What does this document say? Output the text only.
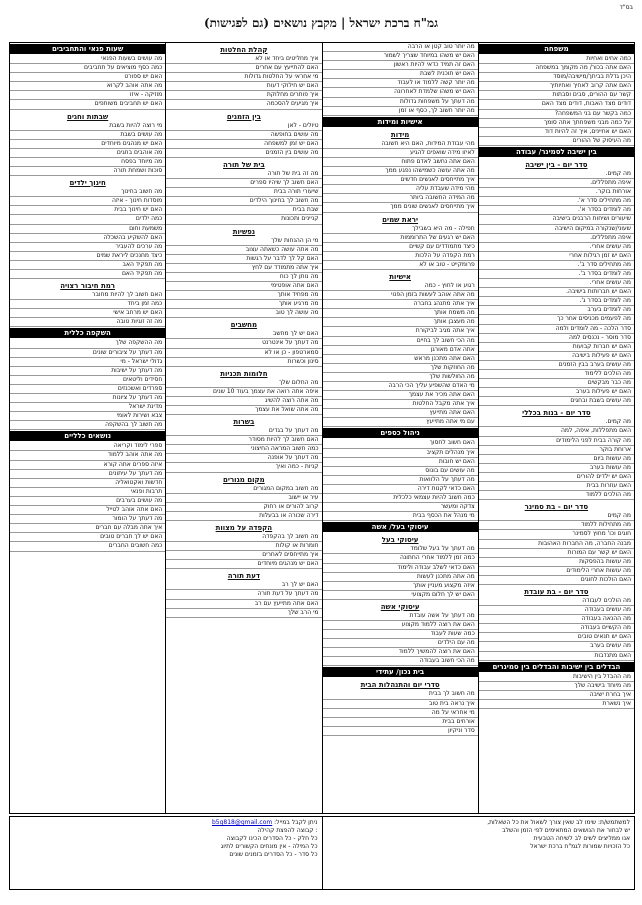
בס"ד
גמ"ח ברכת ישראל | מקבץ נושאים (גם לפגישות)
משפחה
כמה אחים ואחיות
האם אתה בכור/ מה מקומך במשפחה
היכן גדלת בביתך/מישיבה/מוסד
האם אתה קרוב לאחיך ואחיותיך
קשר עם ההורים, סבים וסבתות
דודים מצד האבות, דודים מצד האם
כמה בקשר עם בני המשפחה?
על כמה מבני משפחתך אתה סומך
האם יש אחיינים, איך זה להיות דוד
מה העיסוק של ההורים
בין ישיבה לסמינר/ עבודה
סדר יום - בין ישיבה
מה קמים.
איפה מתפללים.
אורחות בוקר.
מה מתחילים סדר א'.
מה לומדים בסדר א'.
שיעורים ושיחות הרבנים בישיבה
שעוני/שנקורה במיקום הישיבה
איפה מתפללים.
מה עושים אחרי.
האם יש זמן רגילות אחרי
מה מתחילים סדר ב'.
מה לומדים בסדר ב'.
מה עושים אחרי.
האם יש חברותות בישיבה.
מה לומדים בסדר ג'.
מה לומדים בערב
מה לפעמים מכניסים אחר כך
סדר הלכה - מה לומדים ולמה
סדר מוסר - נכנסים למה
האם יש חברות קבועות
האם יש פעילות בישיבה
מה עושים בערב בבין הזמנים
מה הולכים ללימוד
מה כבר מבקשים
האם יש פעילות בערב
מה עושים בשבת ובחגים
סדר יום - בנות בכללי
מה קמים.
האם מתפללות, איפה, למה
מה קורה בבית לפני הלימודים
ארוחת בוקר
מה עושות ביום
מה עושות בערב
האם יש ילדים להורים
האם עוזרות בבית
מה הולכים ללמוד
סדר יום - בת סמינר
מה קמים
מה מתחילות ללמוד
חוגים וכו' מחוץ לסמינר
מבנה החברה, מה החברות האהובות
האם יש קשר עם המורות
מה עושות בהפסקות
מה עושות אחרי הלימודים
האם הולכות לחוגים
סדר יום - בת עובדת
מה הולכים לעבודה
מה עושים בעבודה
מה ההנאה בעבודה
מה הקשיים בעבודה
האם יש תנאים טובים
מה עושים בערב
האם מתנדבות
הבדלים בין ישיבות והבדלים בין סמינרים
מה ההבדל בין הישיבות
מה מיוחד בישיבה שלך
איך בחרת ישיבה
איך נשארת
מה יותר טוב קטן או הרבה
האם יש משהו במיוחד שצריך לשמור
האם זה תמיד כדאי להיות ראשון
האם יש תוכנית לשבת
מה יותר קשה ללמוד או לעבוד
האם יש משהו שלמדת לאחרונה
מה דעתך על משפחות גדולות
מה יותר חשוב לך, כסף או זמן
אישיות ומידות
מידות
מהי עבודת המידות, האם היא חשובה
לאיזו מידה שואפים להגיע
האם אתה נחשב לאדם פתוח
מה אתה עושה כשמישהו נפגע ממך
איך מתייחסים לאנשים חדשים
מהי מידה שעבדת עליה
מה המידה החשובה ביותר
איך מתייחסים לאנשים שונים ממך
יראת שמים
תפילה - מה היא בשבילך
האם יש רגעים של התרוממות
כיצד מתמודדים עם קשיים
רמת הקפדה על הלכות
פרומקייט - טוב או לא
אישיות
רגוע או לחוץ - כמה
מה אתה אוהב לעשות בזמן הפנוי
איך אתה מתנהג בחברה
מה משמח אותך
מה מעצבן אותך
איך אתה מגיב לביקורת
מה הכי חשוב לך בחיים
אתה אדם מאורגן
האם אתה מתכנן מראש
מה החוזקות שלך
מה החולשות שלך
מי האדם שהשפיע עליך הכי הרבה
האם אתה מכיר את עצמך
איך אתה מקבל החלטות
האם אתה מתייעץ
עם מי אתה מתייעץ
ניהול כספים
האם חשוב לחסוך
איך מנהלים תקציב
האם יש חובות
מה עושים עם בונוס
מה דעתך על הלוואות
האם כדאי לקנות דירה
כמה חשוב להיות עצמאי כלכלית
צדקה ומעשר
מי מנהל את הכסף בבית
עיסוקי בעל/ אשה
עיסוקי בעל
מה דעתך על בעל שלומד
כמה זמן ללמוד אחרי החתונה
האם כדאי לשלב עבודה ולימוד
מה אתה מתכנן לעשות
איזה מקצוע מעניין אותך
האם יש לך חלום מקצועי
עיסוקי אשה
מה דעתך על אשה עובדת
האם את רוצה ללמוד מקצוע
כמה שעות לעבוד
מה עם הילדים
האם את רוצה להמשיך ללמוד
מה הכי חשוב בעבודה
בית נכון/ עתידי
סדרי יום והתנהלות הבית
מה חשוב לך בבית
איך נראה בית טוב
מי אחראי על מה
אורחים בבית
סדר וניקיון
קהלת החלטות
איך מחליטים ביחד או לא
האם להתייעץ עם אחרים
מי אחראי על החלטות גדולות
האם יש חילוקי דעות
איך פותרים מחלוקת
איך מגיעים להסכמה
בין הזמנים
טיולים - לאן
מה עושים בחופשה
האם יש זמן למשפחה
מה עושים בין הזמנים
בית של תורה
מה זה בית של תורה
האם חשוב לך שיהיו ספרים
שיעורי תורה בבית
מה חשוב לך בחינוך הילדים
שבת בבית
קניינים ותכונות
נפשיות
מי הן ההנחות שלך
מה אתה עושה כשאתה עצוב
האם קל לך לדבר על רגשות
איך אתה מתמודד עם לחץ
מה נותן לך כוח
האם אתה אופטימי
מה מפחיד אותך
מה מרגיע אותך
מה עושה לך טוב
מחשבים
האם יש לך מחשב
מה דעתך על אינטרנט
סמארטפון - כן או לא
סינון וכשרות
חלומות תכניות
מה החלום שלך
איפה אתה רואה את עצמך בעוד 10 שנים
מה אתה רוצה להשיג
מה אתה שואל את עצמך
בשרות
מה דעתך על בגדים
האם חשוב לך להיות מסודר
כמה חשוב המראה החיצוני
מה דעתך על אופנה
קניות - כמה ואיך
מקום מגורים
מה חשוב במקום המגורים
עיר או יישוב
קרוב להורים או רחוק
דירה שכורה או בבעלות
הקפדה על מצוות
מה חשוב לך בהקפדה
חומרות או קולות
איך מתייחסים לאחרים
האם יש מנהגים מיוחדים
דעת תורה
האם יש לך רב
מה דעתך על דעת תורה
האם אתה מתייעץ עם רב
מי הרב שלך
שעות פנאי והתחביבים
מה עושים בשעות הפנאי
כמה כסף מוציאים על תחביבים
האם יש ספורט
מה אתה אוהב לקרוא
מוזיקה - איזו
האם יש תחביבים משותפים
שבתות וחגים
מי רוצה להיות בשבת
מה עושים בשבת
האם יש מנהגים מיוחדים
מה אוהבים בחגים
מה מיוחד בפסח
סוכות ושמחת תורה
חינוך ילדים
מה חשוב בחינוך
מוסדות חינוך - איזה
האם יש חינוך בבית
כמה ילדים
משמעת וחום
האם להשקיע בהשכלה
מה ערכים להעביר
כיצד מחנכים ליראת שמים
מה תפקיד האב
מה תפקיד האם
רמת חיבור רצויה
האם חשוב לך להיות מחובר
כמה זמן ביחד
האם יש מרחב אישי
מה זה זוגיות טובה
השקפה כללית
מה ההשקפה שלך
מה דעתך על ציבורים שונים
גדולי ישראל - מי
מה דעתך על ישיבות
חסידים וליטאים
ספרדים ואשכנזים
מה דעתך על ציונות
מדינת ישראל
צבא ושירות לאומי
מה חשוב לך בהשקפה
נושאים כלליים
ספרי לימוד וקריאה
מה אתה אוהב ללמוד
איזה ספרים אתה קורא
מה דעתך על עיתונים
חדשות ואקטואליה
תרבות ופנאי
מה עושים בערבים
האם אתה אוהב לטייל
מה דעתך על הומור
איך אתה מבלה עם חברים
האם יש לך חברים טובים
כמה חשובים החברים
למשתמש/ת: שימו לב שאין צורך לשאול את כל השאלות,
יש לבחור את הנושאים המתאימים לפי הזמן והשלב
אנו ממליצים לשים לב לשיחה הטבעית
כל הזכויות שמורות לגמ"ח ברכת ישראל
ניתן לקבל במייל: b5g818@gmail.com
: קבוצה להפצת קהילה
כל חלק - כל הסדרים הכינו לקבוצה
כל המילה - אין מונחים הקשורים לתיוג
כל סדר - כל הסדרים בזמנים שונים
